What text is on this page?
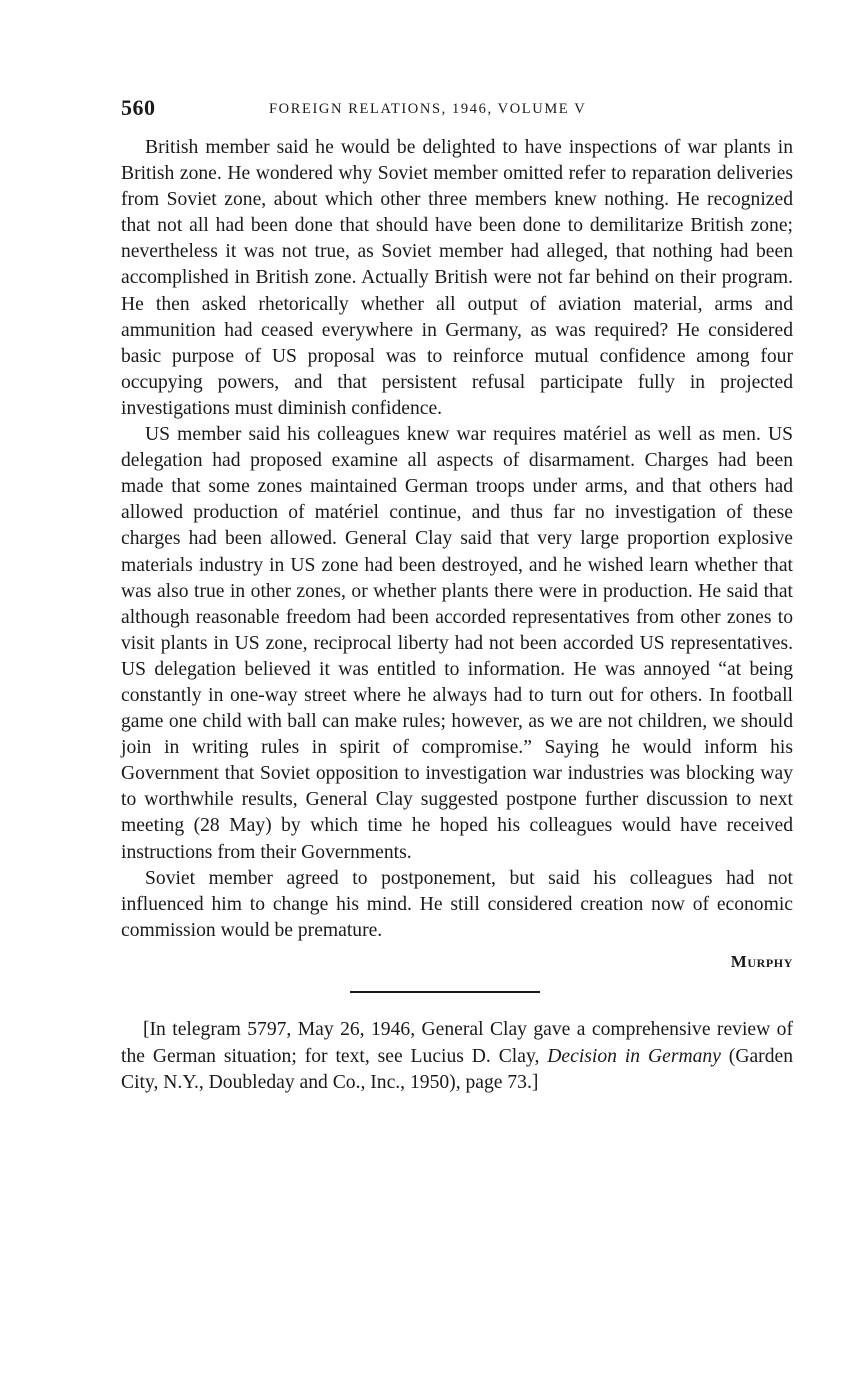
560	FOREIGN RELATIONS, 1946, VOLUME V

British member said he would be delighted to have inspections of war plants in British zone. He wondered why Soviet member omitted refer to reparation deliveries from Soviet zone, about which other three members knew nothing. He recognized that not all had been done that should have been done to demilitarize British zone; nevertheless it was not true, as Soviet member had alleged, that nothing had been accomplished in British zone. Actually British were not far behind on their program. He then asked rhetorically whether all output of aviation material, arms and ammunition had ceased everywhere in Germany, as was required? He considered basic purpose of US proposal was to reinforce mutual confidence among four occupying powers, and that persistent refusal participate fully in projected investigations must diminish confidence.

US member said his colleagues knew war requires matériel as well as men. US delegation had proposed examine all aspects of disarmament. Charges had been made that some zones maintained German troops under arms, and that others had allowed production of matériel continue, and thus far no investigation of these charges had been allowed. General Clay said that very large proportion explosive materials industry in US zone had been destroyed, and he wished learn whether that was also true in other zones, or whether plants there were in production. He said that although reasonable freedom had been accorded representatives from other zones to visit plants in US zone, reciprocal liberty had not been accorded US representatives. US delegation believed it was entitled to information. He was annoyed “at being constantly in one-way street where he always had to turn out for others. In football game one child with ball can make rules; however, as we are not children, we should join in writing rules in spirit of compromise.” Saying he would inform his Government that Soviet opposition to investigation war industries was blocking way to worthwhile results, General Clay suggested postpone further discussion to next meeting (28 May) by which time he hoped his colleagues would have received instructions from their Governments.

Soviet member agreed to postponement, but said his colleagues had not influenced him to change his mind. He still considered creation now of economic commission would be premature.

Murphy

[In telegram 5797, May 26, 1946, General Clay gave a comprehensive review of the German situation; for text, see Lucius D. Clay, Decision in Germany (Garden City, N.Y., Doubleday and Co., Inc., 1950), page 73.]
